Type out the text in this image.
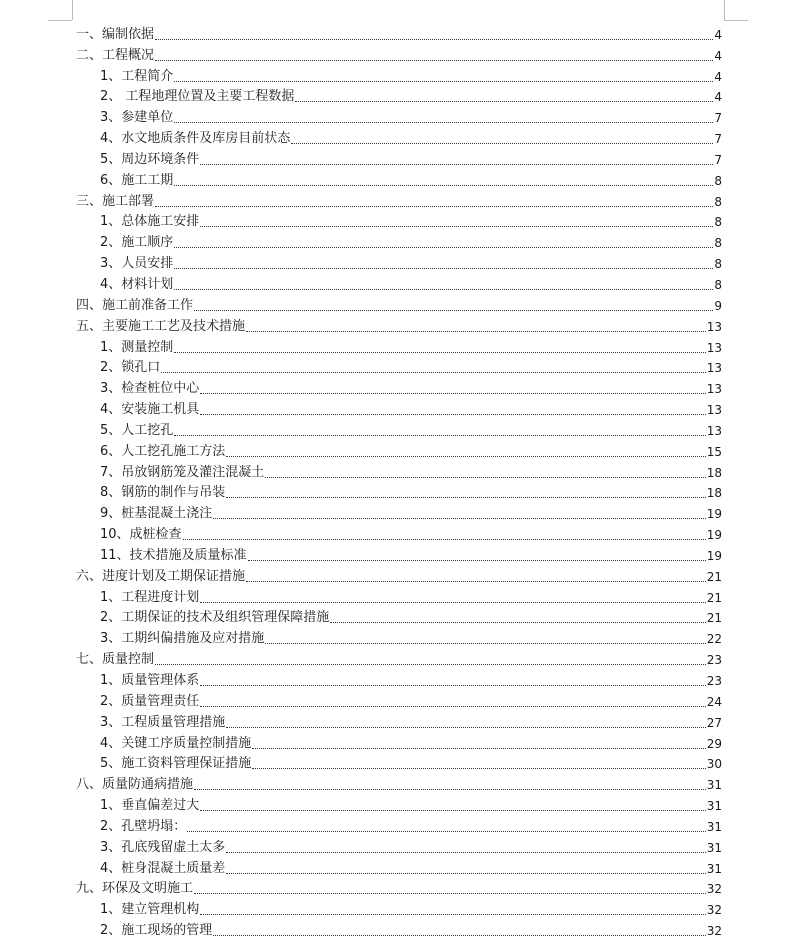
一、编制依据	4
二、工程概况	4
1、工程简介	4
2、 工程地理位置及主要工程数据	4
3、参建单位	7
4、水文地质条件及库房目前状态	7
5、周边环境条件	7
6、施工工期	8
三、施工部署	8
1、总体施工安排	8
2、施工顺序	8
3、人员安排	8
4、材料计划	8
四、施工前准备工作	9
五、主要施工工艺及技术措施	13
1、测量控制	13
2、锁孔口	13
3、检查桩位中心	13
4、安装施工机具	13
5、人工挖孔	13
6、人工挖孔施工方法	15
7、吊放钢筋笼及灌注混凝土	18
8、钢筋的制作与吊装	18
9、桩基混凝土浇注	19
10、成桩检查	19
11、技术措施及质量标准	19
六、进度计划及工期保证措施	21
1、工程进度计划	21
2、工期保证的技术及组织管理保障措施	21
3、工期纠偏措施及应对措施	22
七、质量控制	23
1、质量管理体系	23
2、质量管理责任	24
3、工程质量管理措施	27
4、关键工序质量控制措施	29
5、施工资料管理保证措施	30
八、质量防通病措施	31
1、垂直偏差过大	31
2、孔壁坍塌：	31
3、孔底残留虚土太多	31
4、桩身混凝土质量差	31
九、环保及文明施工	32
1、建立管理机构	32
2、施工现场的管理	32
